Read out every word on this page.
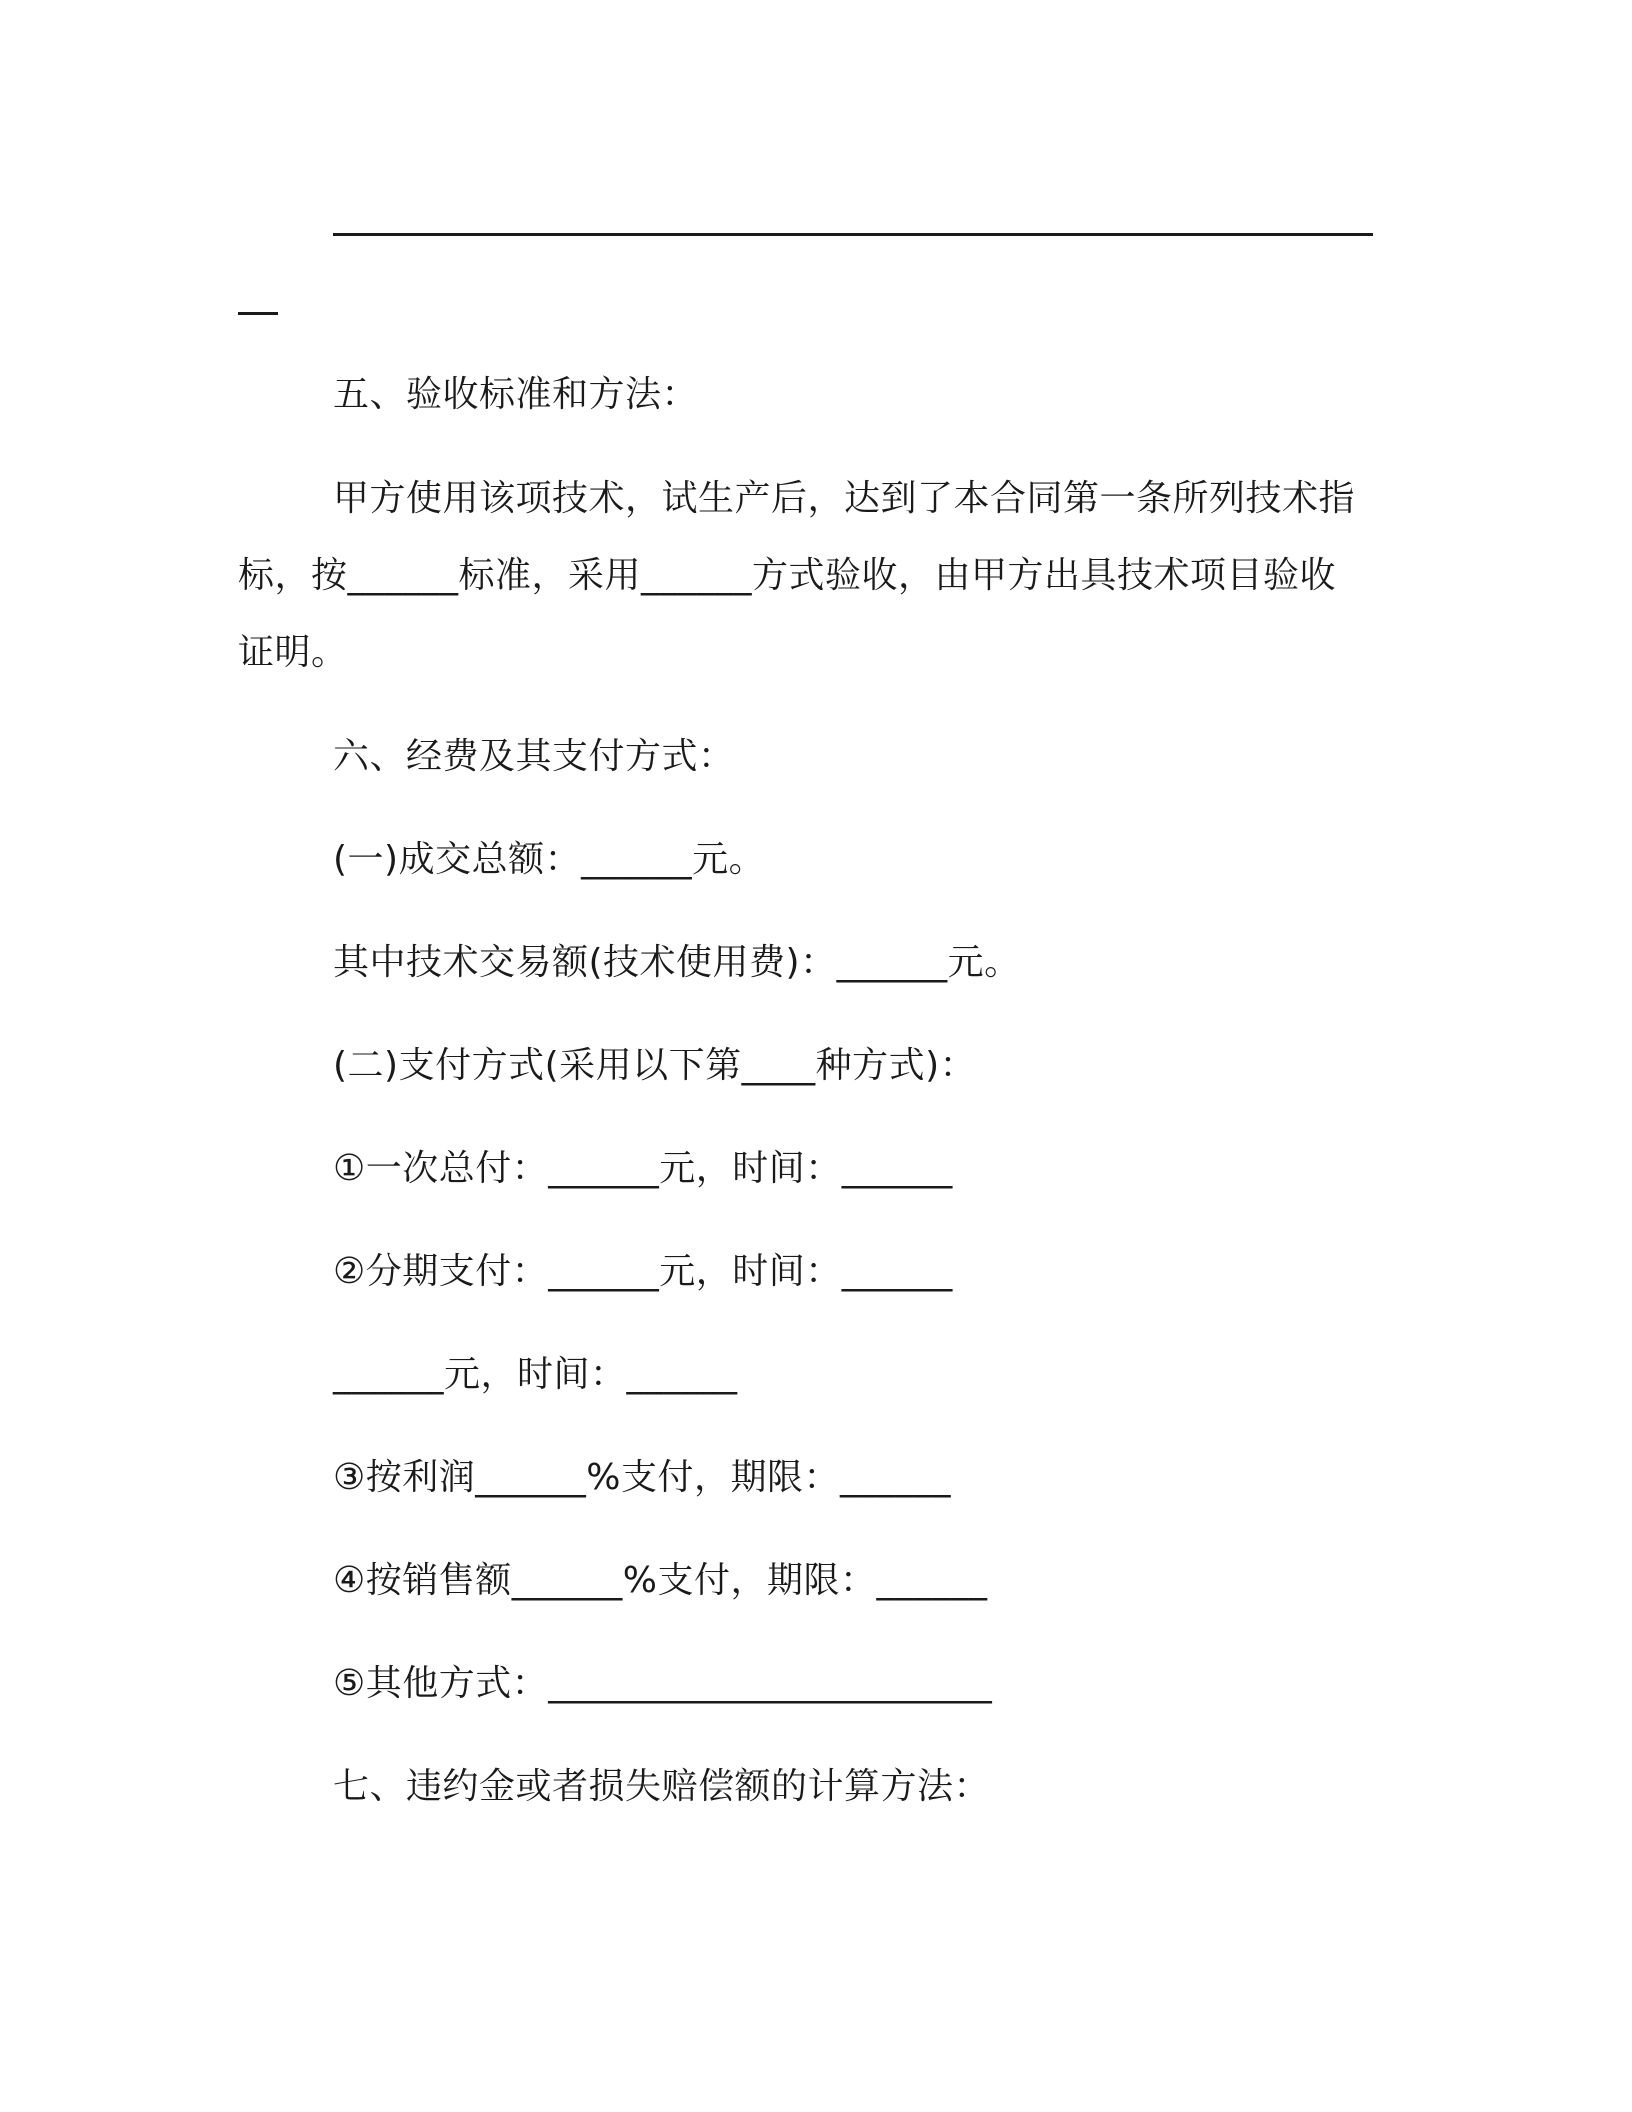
五、验收标准和方法：

甲方使用该项技术，试生产后，达到了本合同第一条所列技术指

标，按______标准，采用______方式验收，由甲方出具技术项目验收

证明。

六、经费及其支付方式：

(一)成交总额：______元。

其中技术交易额(技术使用费)：______元。

(二)支付方式(采用以下第____种方式)：

①一次总付：______元，时间：______

②分期支付：______元，时间：______

______元，时间：______

③按利润______%支付，期限：______

④按销售额______%支付，期限：______

⑤其他方式：________________________

七、违约金或者损失赔偿额的计算方法：
